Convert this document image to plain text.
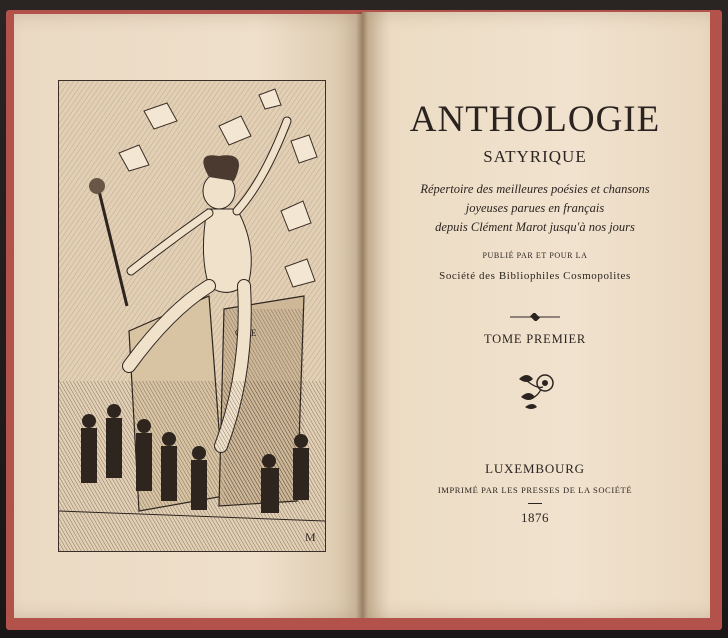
OGIE
M
ANTHOLOGIE
SATYRIQUE
Répertoire des meilleures poésies et chansons
joyeuses parues en français
depuis Clément Marot jusqu'à nos jours
PUBLIÉ PAR ET POUR LA
Société des Bibliophiles Cosmopolites
TOME PREMIER
LUXEMBOURG
IMPRIMÉ PAR LES PRESSES DE LA SOCIÉTÉ
1876
